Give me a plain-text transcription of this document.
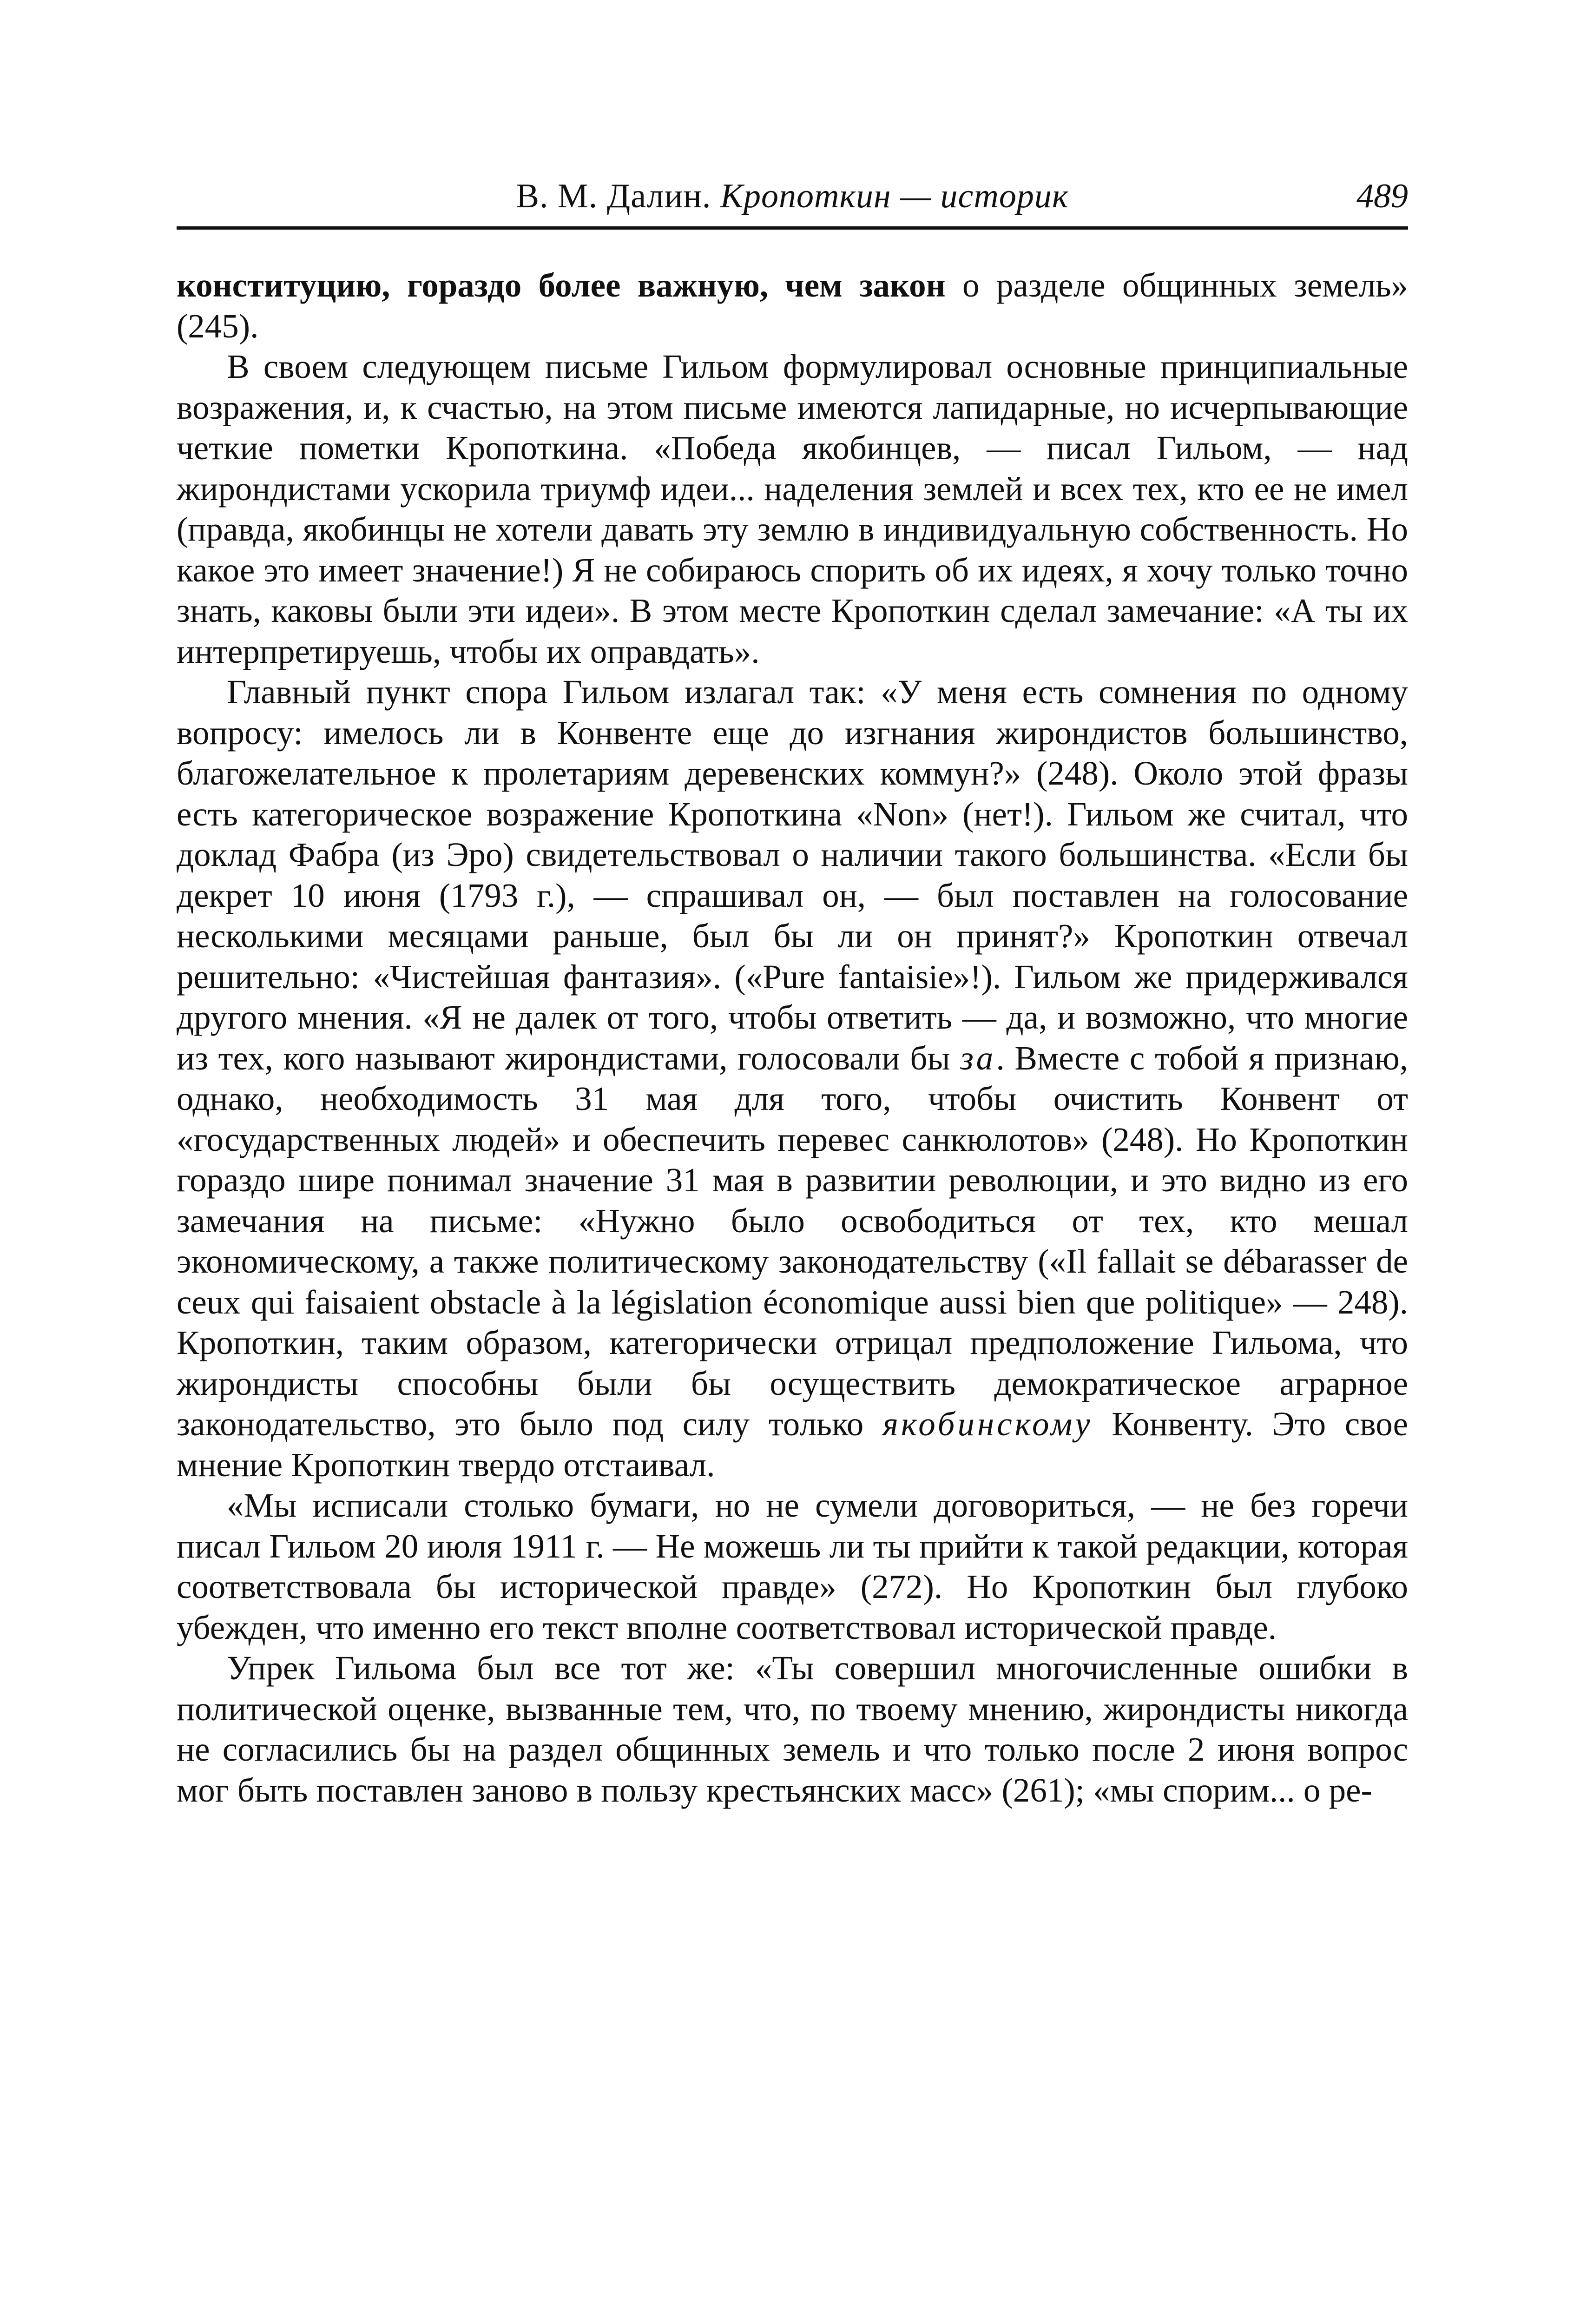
В. М. Далин. Кропоткин — историк	489

конституцию, гораздо более важную, чем закон о разделе общинных земель» (245).

В своем следующем письме Гильом формулировал основные принципиальные возражения, и, к счастью, на этом письме имеются лапидарные, но исчерпывающие четкие пометки Кропоткина. «Победа якобинцев, — писал Гильом, — над жирондистами ускорила триумф идеи... наделения землей и всех тех, кто ее не имел (правда, якобинцы не хотели давать эту землю в индивидуальную собственность. Но какое это имеет значение!) Я не собираюсь спорить об их идеях, я хочу только точно знать, каковы были эти идеи». В этом месте Кропоткин сделал замечание: «А ты их интерпретируешь, чтобы их оправдать».

Главный пункт спора Гильом излагал так: «У меня есть сомнения по одному вопросу: имелось ли в Конвенте еще до изгнания жирондистов большинство, благожелательное к пролетариям деревенских коммун?» (248). Около этой фразы есть категорическое возражение Кропоткина «Non» (нет!). Гильом же считал, что доклад Фабра (из Эро) свидетельствовал о наличии такого большинства. «Если бы декрет 10 июня (1793 г.), — спрашивал он, — был поставлен на голосование несколькими месяцами раньше, был бы ли он принят?» Кропоткин отвечал решительно: «Чистейшая фантазия». («Pure fantaisie»!). Гильом же придерживался другого мнения. «Я не далек от того, чтобы ответить — да, и возможно, что многие из тех, кого называют жирондистами, голосовали бы за. Вместе с тобой я признаю, однако, необходимость 31 мая для того, чтобы очистить Конвент от «государственных людей» и обеспечить перевес санкюлотов» (248). Но Кропоткин гораздо шире понимал значение 31 мая в развитии революции, и это видно из его замечания на письме: «Нужно было освободиться от тех, кто мешал экономическому, а также политическому законодательству («Il fallait se débarasser de ceux qui faisaient obstacle à la législation économique aussi bien que politique» — 248). Кропоткин, таким образом, категорически отрицал предположение Гильома, что жирондисты способны были бы осуществить демократическое аграрное законодательство, это было под силу только якобинскому Конвенту. Это свое мнение Кропоткин твердо отстаивал.

«Мы исписали столько бумаги, но не сумели договориться, — не без горечи писал Гильом 20 июля 1911 г. — Не можешь ли ты прийти к такой редакции, которая соответствовала бы исторической правде» (272). Но Кропоткин был глубоко убежден, что именно его текст вполне соответствовал исторической правде.

Упрек Гильома был все тот же: «Ты совершил многочисленные ошибки в политической оценке, вызванные тем, что, по твоему мнению, жирондисты никогда не согласились бы на раздел общинных земель и что только после 2 июня вопрос мог быть поставлен заново в пользу крестьянских масс» (261); «мы спорим... о ре-
